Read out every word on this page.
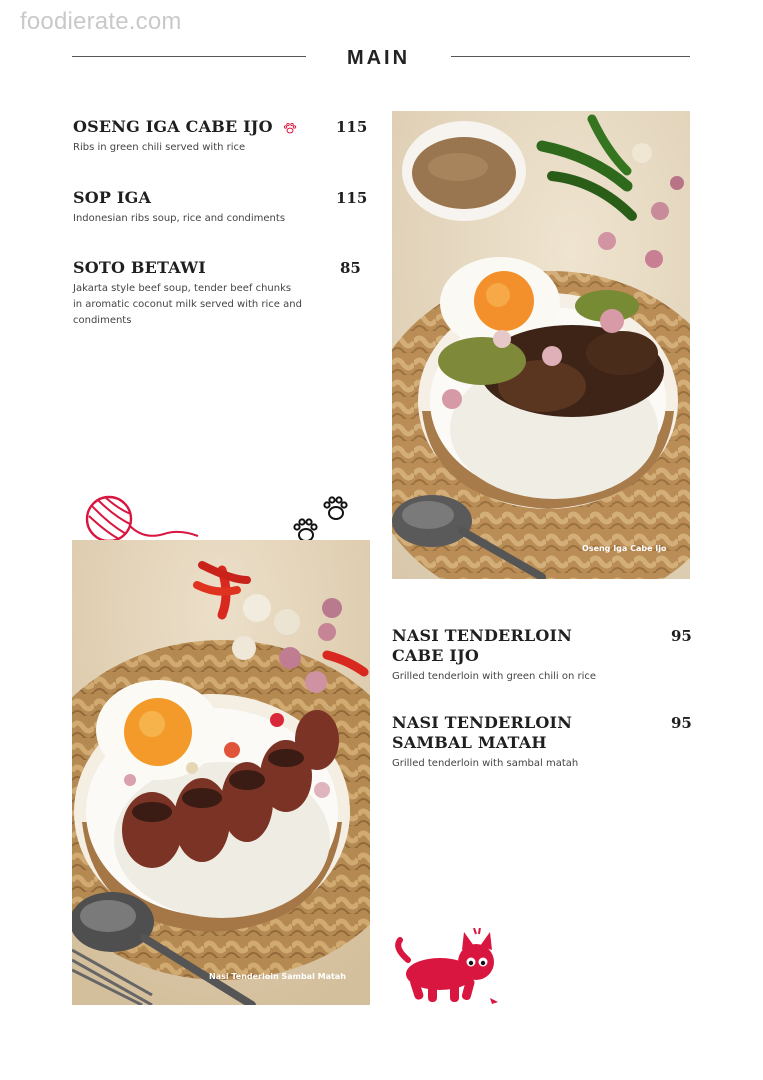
foodierate.com
MAIN
OSENG IGA CABE IJO	115
Ribs in green chili served with rice
SOP IGA	115
Indonesian ribs soup, rice and condiments
SOTO BETAWI	85
Jakarta style beef soup, tender beef chunks in aromatic coconut milk served with rice and condiments
Oseng Iga Cabe Ijo
Nasi Tenderloin Sambal Matah
NASI TENDERLOIN
CABE IJO
95
Grilled tenderloin with green chili on rice
NASI TENDERLOIN
SAMBAL MATAH
95
Grilled tenderloin with sambal matah
